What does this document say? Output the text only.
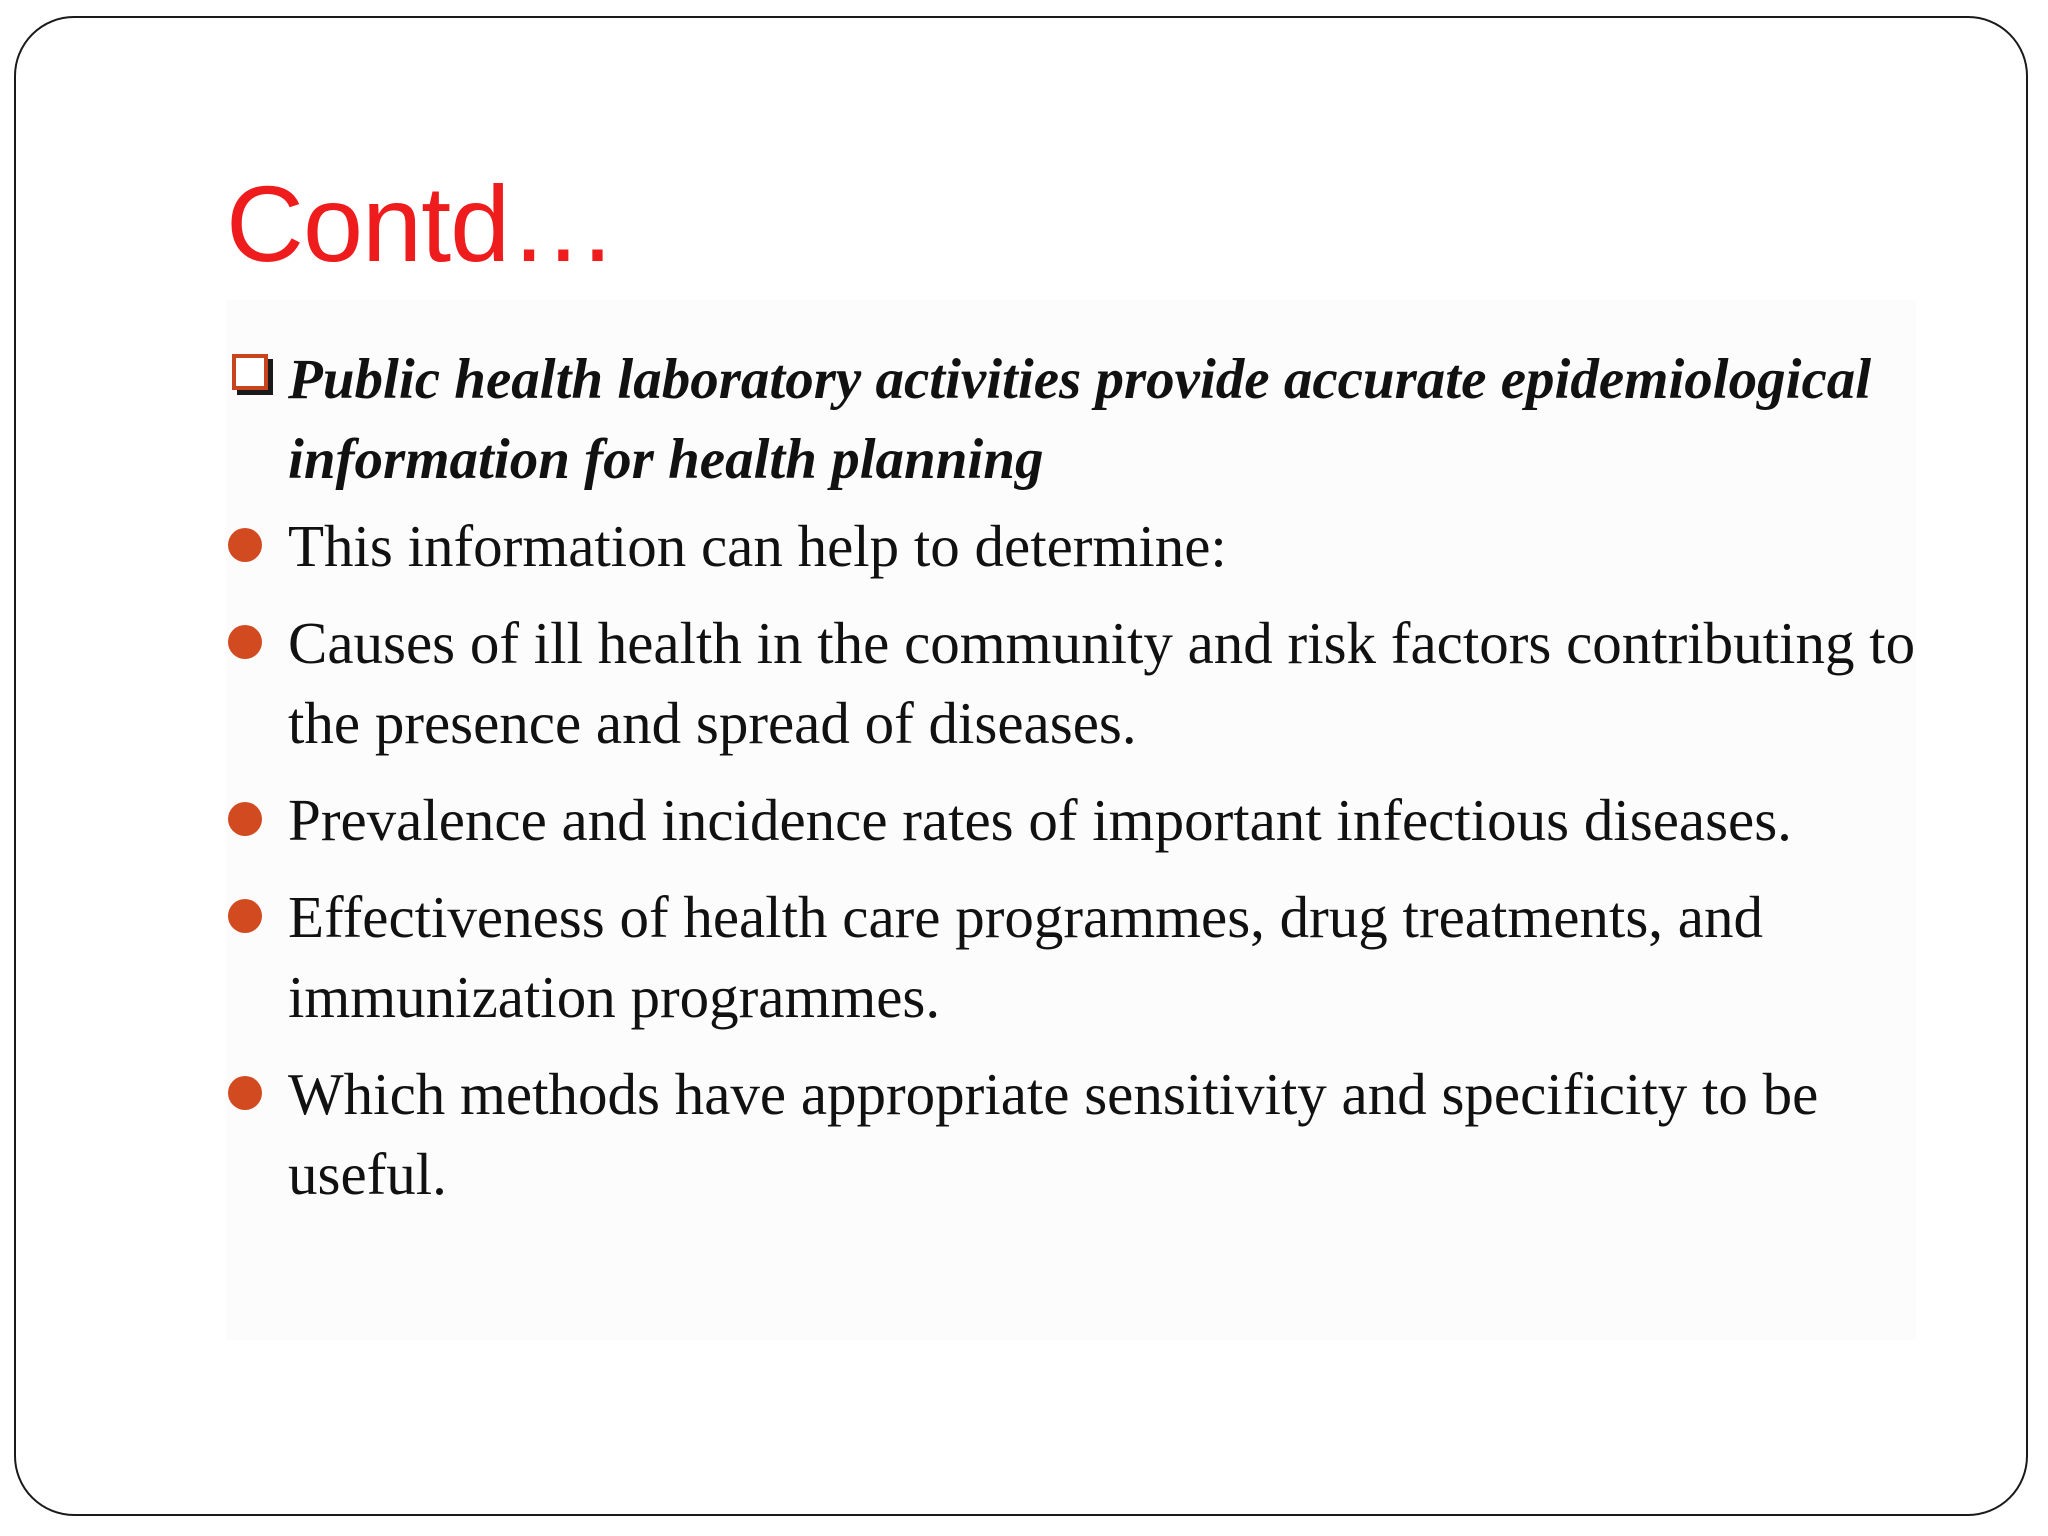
Contd…
Public health laboratory activities provide accurate epidemiological information for health planning
This information can help to determine:
Causes of ill health in the community and risk factors contributing to the presence and spread of diseases.
Prevalence and incidence rates of important infectious diseases.
Effectiveness of health care programmes, drug treatments, and immunization programmes.
Which methods have appropriate sensitivity and specificity to be useful.
